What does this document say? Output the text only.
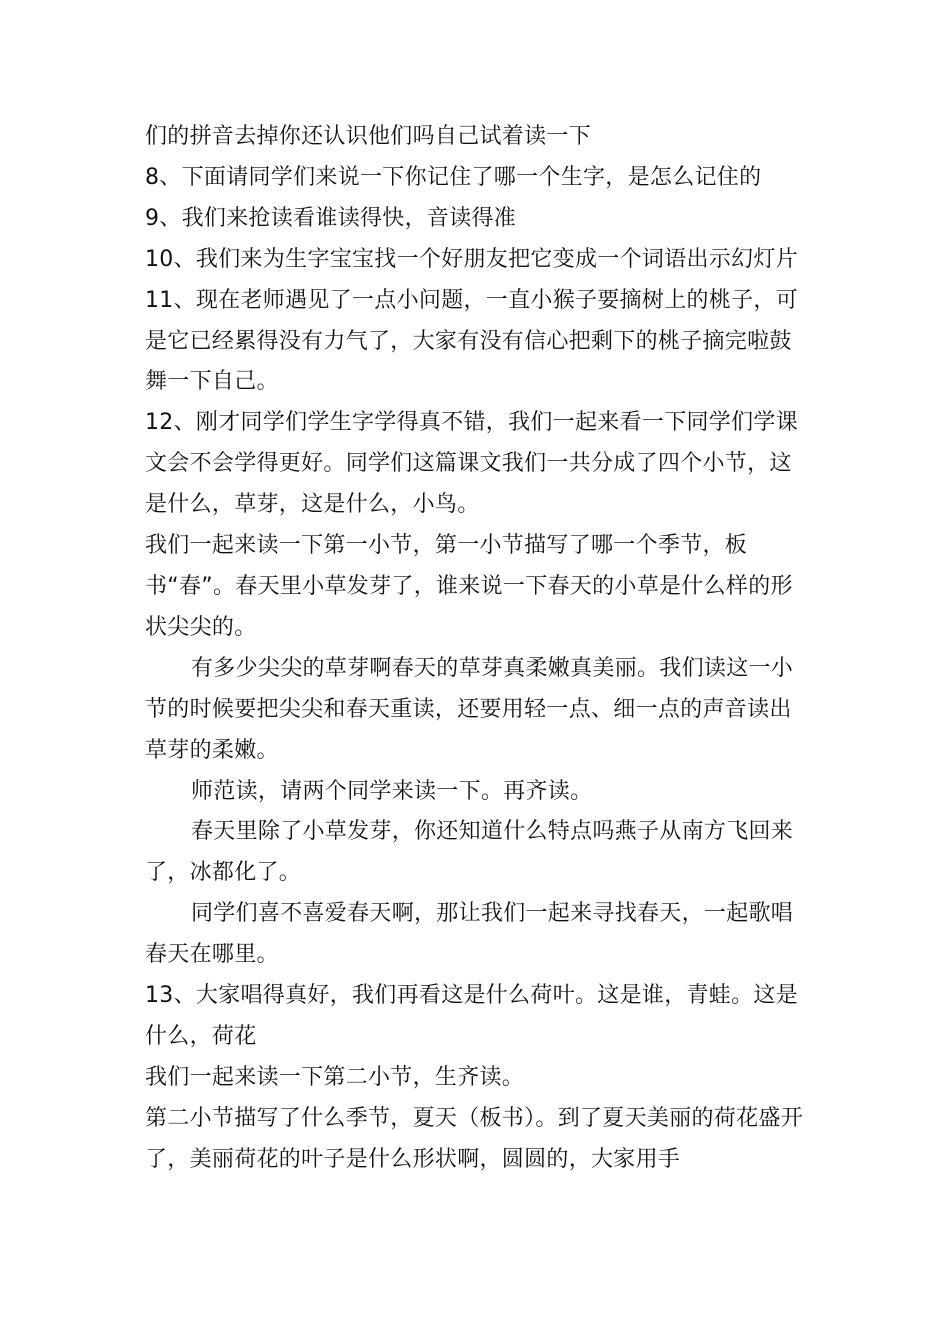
们的拼音去掉你还认识他们吗自己试着读一下

8、下面请同学们来说一下你记住了哪一个生字，是怎么记住的

9、我们来抢读看谁读得快，音读得准

10、我们来为生字宝宝找一个好朋友把它变成一个词语出示幻灯片

11、现在老师遇见了一点小问题，一直小猴子要摘树上的桃子，可是它已经累得没有力气了，大家有没有信心把剩下的桃子摘完啦鼓舞一下自己。

12、刚才同学们学生字学得真不错，我们一起来看一下同学们学课文会不会学得更好。同学们这篇课文我们一共分成了四个小节，这是什么，草芽，这是什么，小鸟。

我们一起来读一下第一小节，第一小节描写了哪一个季节，板书“春”。春天里小草发芽了，谁来说一下春天的小草是什么样的形状尖尖的。

有多少尖尖的草芽啊春天的草芽真柔嫩真美丽。我们读这一小节的时候要把尖尖和春天重读，还要用轻一点、细一点的声音读出草芽的柔嫩。

师范读，请两个同学来读一下。再齐读。

春天里除了小草发芽，你还知道什么特点吗燕子从南方飞回来了，冰都化了。

同学们喜不喜爱春天啊，那让我们一起来寻找春天，一起歌唱春天在哪里。

13、大家唱得真好，我们再看这是什么荷叶。这是谁，青蛙。这是什么，荷花

我们一起来读一下第二小节，生齐读。

第二小节描写了什么季节，夏天（板书）。到了夏天美丽的荷花盛开了，美丽荷花的叶子是什么形状啊，圆圆的，大家用手
